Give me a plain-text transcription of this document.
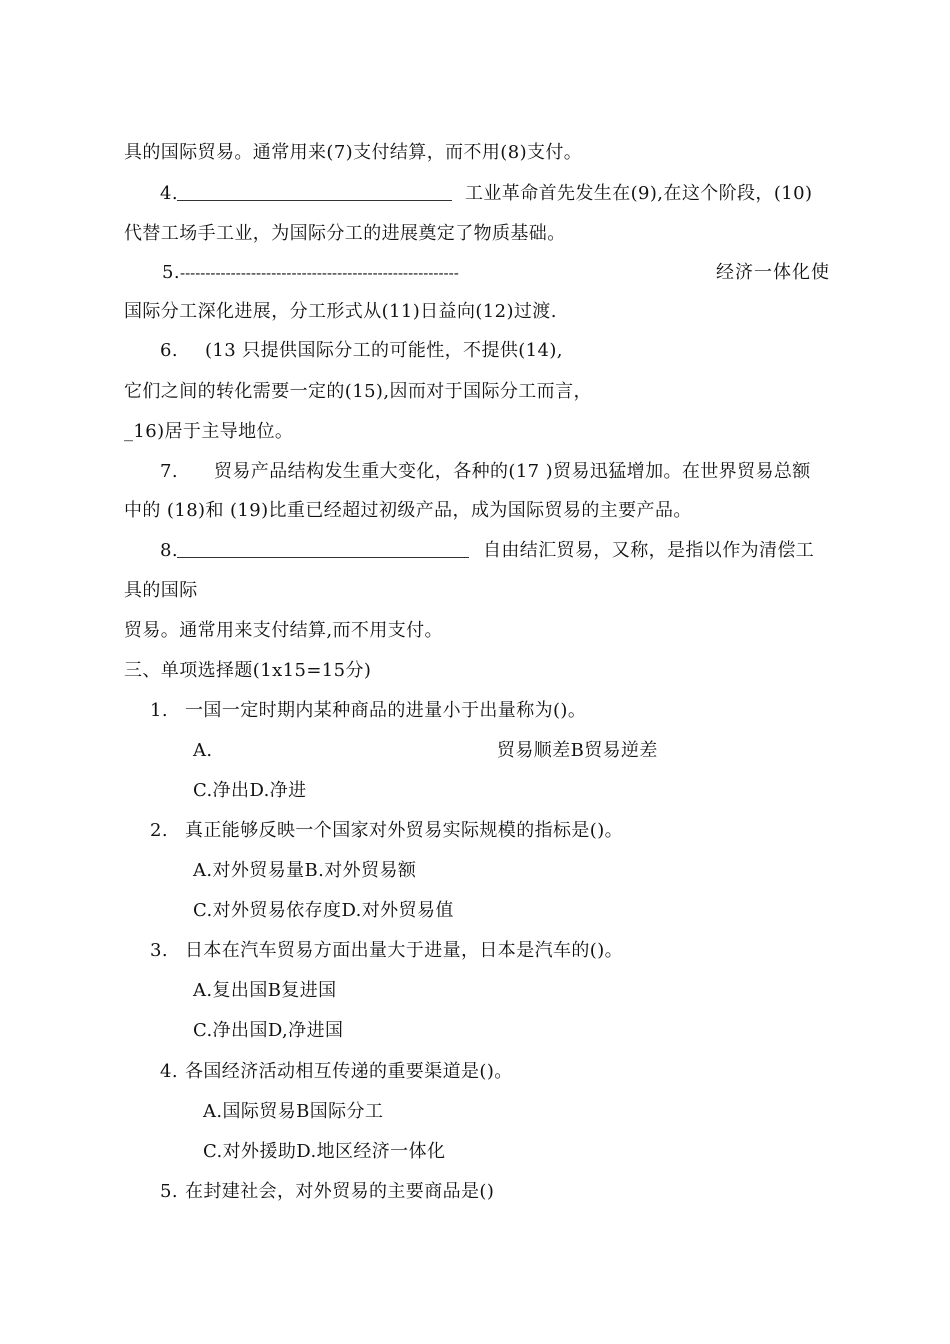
具的国际贸易。通常用来(7)支付结算，而不用(8)支付。
4.	工业革命首先发生在(9),在这个阶段，(10)
代替工场手工业，为国际分工的进展奠定了物质基础。
5. -------------------------------------------------------	经济一体化使
国际分工深化进展，分工形式从(11)日益向(12)过渡.
6. (13 只提供国际分工的可能性，不提供(14),
它们之间的转化需要一定的(15),因而对于国际分工而言，
_16)居于主导地位。
7. 贸易产品结构发生重大变化，各种的(17 )贸易迅猛增加。在世界贸易总额
中的 (18)和 (19)比重已经超过初级产品，成为国际贸易的主要产品。
8.	自由结汇贸易，又称，是指以作为清偿工
具的国际
贸易。通常用来支付结算,而不用支付。
三、单项选择题(1x15=15分)
1. 一国一定时期内某种商品的进量小于出量称为()。
A.	贸易顺差B贸易逆差
C.净出D.净进
2. 真正能够反映一个国家对外贸易实际规模的指标是()。
A.对外贸易量B.对外贸易额
C.对外贸易依存度D.对外贸易值
3. 日本在汽车贸易方面出量大于进量，日本是汽车的()。
A.复出国B复进国
C.净出国D,净进国
4. 各国经济活动相互传递的重要渠道是()。
A.国际贸易B国际分工
C.对外援助D.地区经济一体化
5. 在封建社会，对外贸易的主要商品是()
